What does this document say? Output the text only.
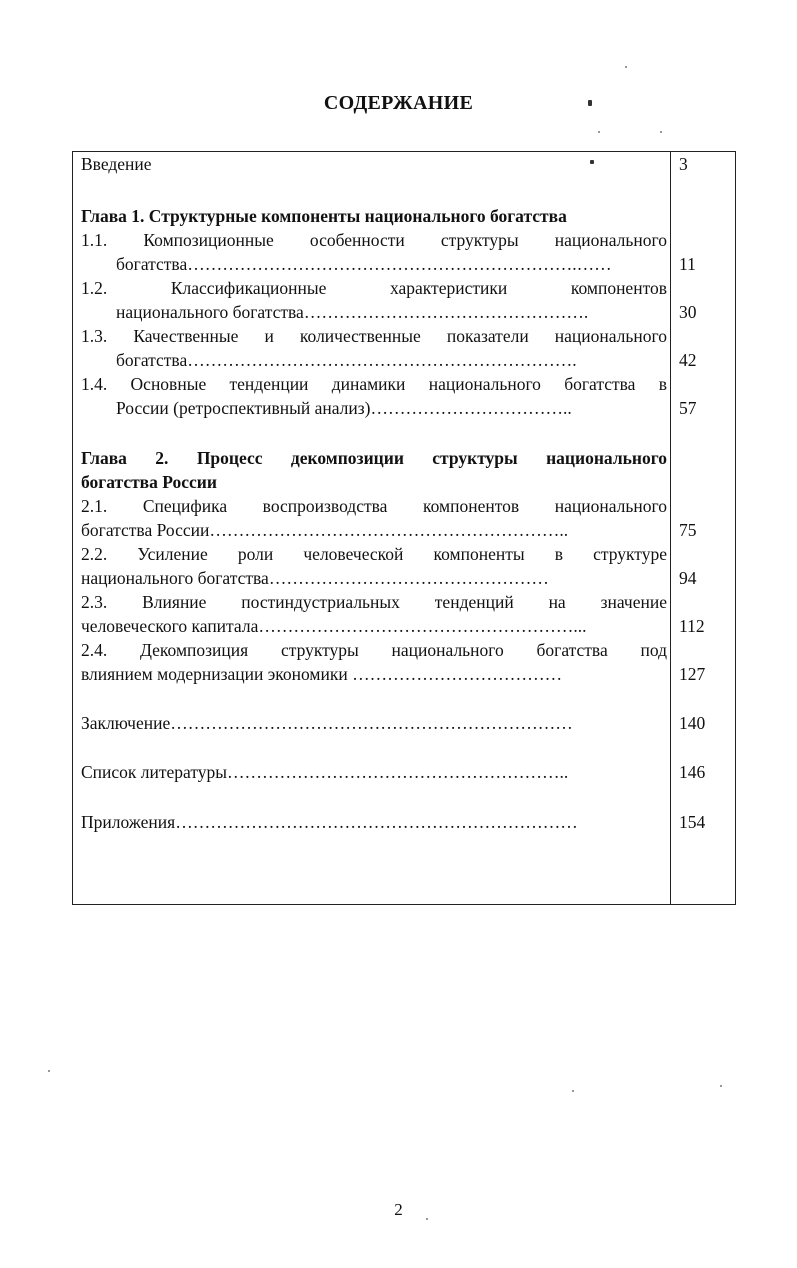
СОДЕРЖАНИЕ
Введение	3
Глава 1. Структурные компоненты национального богатства
1.1. Композиционные особенности структуры национального
богатства………………………………………………………….……	11
1.2. Классификационные характеристики компонентов
национального богатства………………………………………….	30
1.3. Качественные и количественные показатели национального
богатства………………………………………………………….	42
1.4. Основные тенденции динамики национального богатства в
России (ретроспективный анализ)……………………………..	57
Глава 2. Процесс декомпозиции структуры национального
богатства России
2.1. Специфика воспроизводства компонентов национального
богатства России……………………………………………………..	75
2.2. Усиление роли человеческой компоненты в структуре
национального богатства…………………………………………	94
2.3. Влияние постиндустриальных тенденций на значение
человеческого капитала………………………………………………...	112
2.4. Декомпозиция структуры национального богатства под
влиянием модернизации экономики ………………………………	127
Заключение……………………………………………………………	140
Список литературы…………………………………………………..	146
Приложения……………………………………………………………	154
2
